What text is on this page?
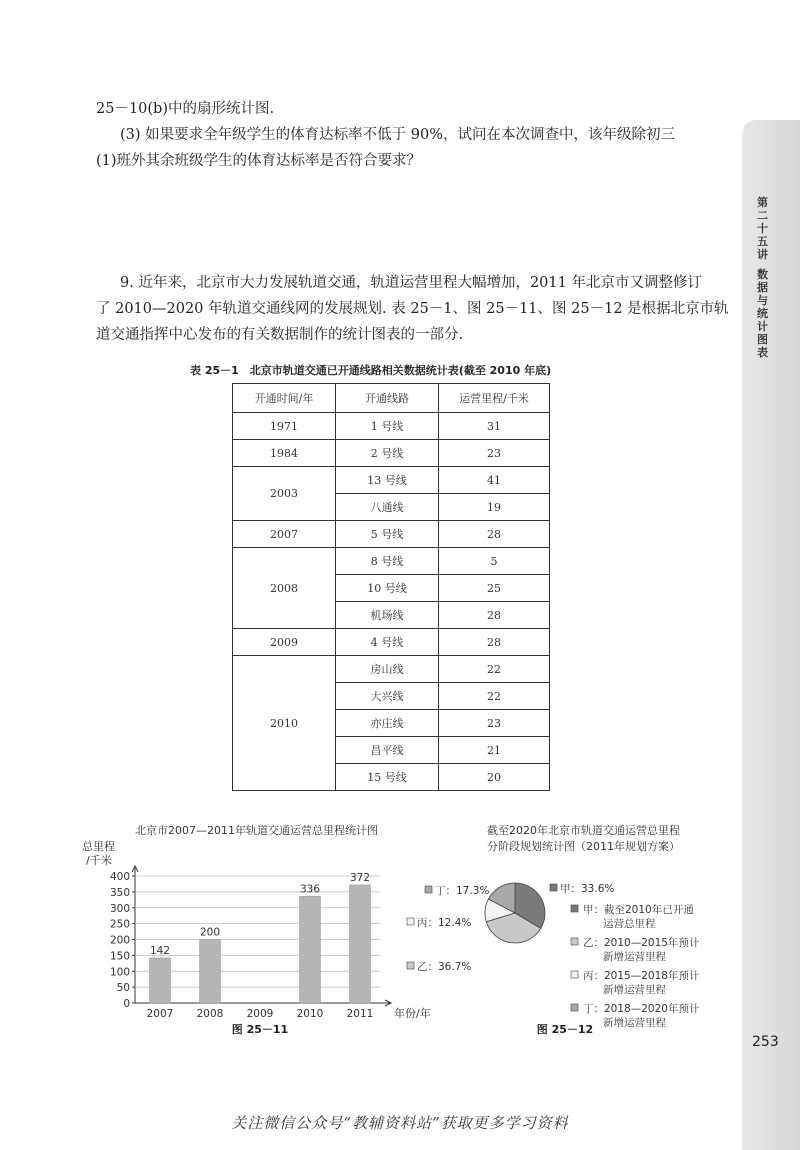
第二十五讲
数据与统计图表
253
25－10(b)中的扇形统计图.
(3) 如果要求全年级学生的体育达标率不低于 90%，试问在本次调查中，该年级除初三
(1)班外其余班级学生的体育达标率是否符合要求？
9. 近年来，北京市大力发展轨道交通，轨道运营里程大幅增加，2011 年北京市又调整修订
了 2010—2020 年轨道交通线网的发展规划. 表 25－1、图 25－11、图 25－12 是根据北京市轨
道交通指挥中心发布的有关数据制作的统计图表的一部分.
表 25－1　北京市轨道交通已开通线路相关数据统计表(截至 2010 年底)
开通时间/年	开通线路	运营里程/千米
1971	1 号线	31
1984	2 号线	23
2003	13 号线	41
	八通线	19
2007	5 号线	28
2008	8 号线	5
	10 号线	25
	机场线	28
2009	4 号线	28
2010	房山线	22
	大兴线	22
	亦庄线	23
	昌平线	21
	15 号线	20
北京市2007—2011年轨道交通运营总里程统计图
总里程
/千米
年份/年
0
50
100
150
200
250
300
350
400
142
2007
200
2008 2009
336
2010
372
2011
图 25－11
截至2020年北京市轨道交通运营总里程
分阶段规划统计图（2011年规划方案）
甲：33.6%
乙：36.7%
丙：12.4%
丁：17.3%
甲：截至2010年已开通
运营总里程
乙：2010—2015年预计
新增运营里程
丙：2015—2018年预计
新增运营里程
丁：2018—2020年预计
新增运营里程
图 25－12
关注微信公众号“教辅资料站”获取更多学习资料
